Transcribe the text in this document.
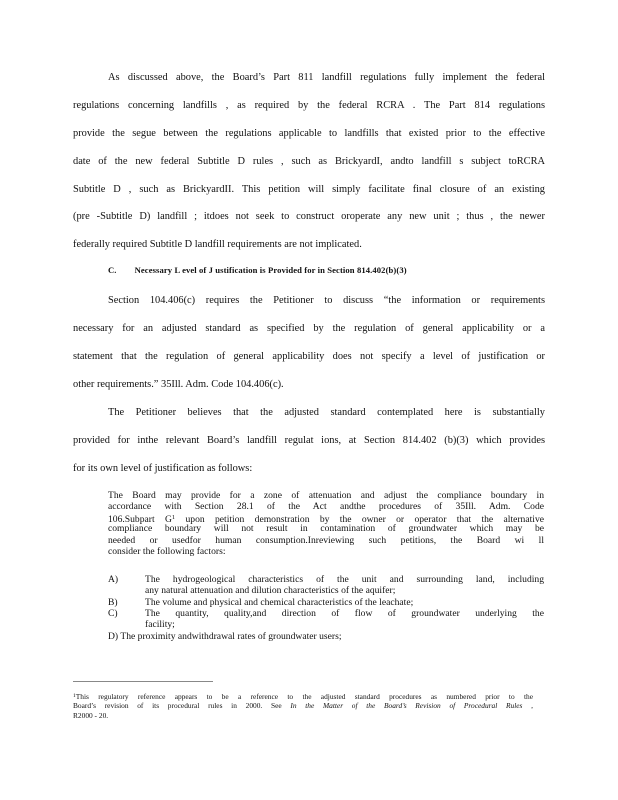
As discussed above, the Board’s Part 811 landfill regulations fully implement the federal

regulations concerning landfills , as required by the federal RCRA . The Part 814 regulations

provide the segue between the regulations applicable to landfills that existed prior to the effective

date of the new federal Subtitle D rules , such as BrickyardI, andto landfill s subject toRCRA

Subtitle D , such as BrickyardII. This petition will simply facilitate final closure of an existing

(pre -Subtitle D) landfill ; itdoes not seek to construct oroperate any new unit ; thus , the newer

federally required Subtitle D landfill requirements are not implicated.

C. Necessary L evel of J ustification is Provided for in Section 814.402(b)(3)

Section 104.406(c) requires the Petitioner to discuss “the information or requirements

necessary for an adjusted standard as specified by the regulation of general applicability or a

statement that the regulation of general applicability does not specify a level of justification or

other requirements.” 35Ill. Adm. Code 104.406(c).

The Petitioner believes that the adjusted standard contemplated here is substantially

provided for inthe relevant Board’s landfill regulat ions, at Section 814.402 (b)(3) which provides

for its own level of justification as follows:

The Board may provide for a zone of attenuation and adjust the compliance boundary in

accordance with Section 28.1 of the Act andthe procedures of 35Ill. Adm. Code

106.Subpart G$^1$ upon petition demonstration by the owner or operator that the alternative

compliance boundary will not result in contamination of groundwater which may be

needed or usedfor human consumption.Inreviewing such petitions, the Board wi ll

consider the following factors:

A)	The hydrogeological characteristics of the unit and surrounding land, including
any natural attenuation and dilution characteristics of the aquifer;
B)	The volume and physical and chemical characteristics of the leachate;
C)	The quantity, quality,and direction of flow of groundwater underlying the
facility;
D) The proximity andwithdrawal rates of groundwater users;
$^1$This regulatory reference appears to be a reference to the adjusted standard procedures as numbered prior to the
Board’s revision of its procedural rules in 2000. See In the Matter of the Board’s Revision of Procedural Rules ,
R2000 - 20.
